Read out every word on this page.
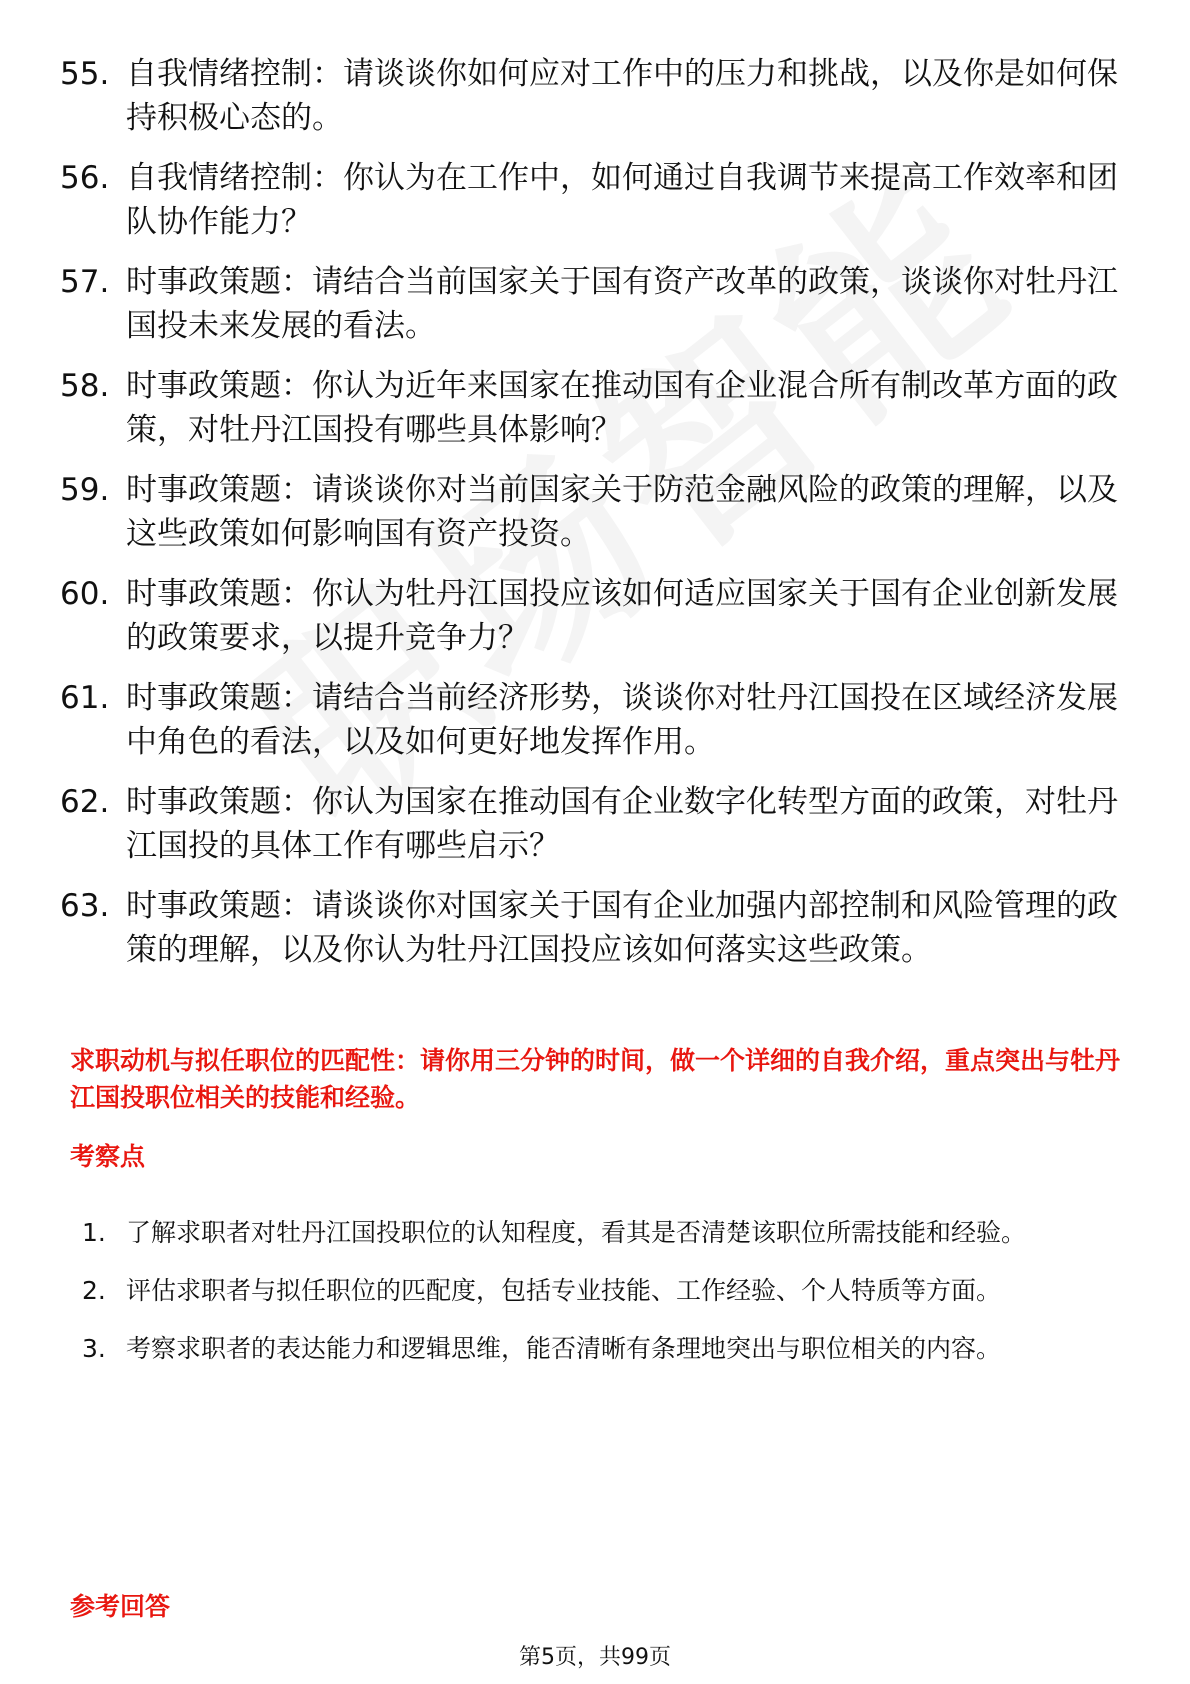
55. 自我情绪控制：请谈谈你如何应对工作中的压力和挑战，以及你是如何保持积极心态的。
56. 自我情绪控制：你认为在工作中，如何通过自我调节来提高工作效率和团队协作能力？
57. 时事政策题：请结合当前国家关于国有资产改革的政策，谈谈你对牡丹江国投未来发展的看法。
58. 时事政策题：你认为近年来国家在推动国有企业混合所有制改革方面的政策，对牡丹江国投有哪些具体影响？
59. 时事政策题：请谈谈你对当前国家关于防范金融风险的政策的理解，以及这些政策如何影响国有资产投资。
60. 时事政策题：你认为牡丹江国投应该如何适应国家关于国有企业创新发展的政策要求，以提升竞争力？
61. 时事政策题：请结合当前经济形势，谈谈你对牡丹江国投在区域经济发展中角色的看法，以及如何更好地发挥作用。
62. 时事政策题：你认为国家在推动国有企业数字化转型方面的政策，对牡丹江国投的具体工作有哪些启示？
63. 时事政策题：请谈谈你对国家关于国有企业加强内部控制和风险管理的政策的理解，以及你认为牡丹江国投应该如何落实这些政策。

求职动机与拟任职位的匹配性：请你用三分钟的时间，做一个详细的自我介绍，重点突出与牡丹江国投职位相关的技能和经验。

考察点
1. 了解求职者对牡丹江国投职位的认知程度，看其是否清楚该职位所需技能和经验。
2. 评估求职者与拟任职位的匹配度，包括专业技能、工作经验、个人特质等方面。
3. 考察求职者的表达能力和逻辑思维，能否清晰有条理地突出与职位相关的内容。
参考回答
第5页，共99页
